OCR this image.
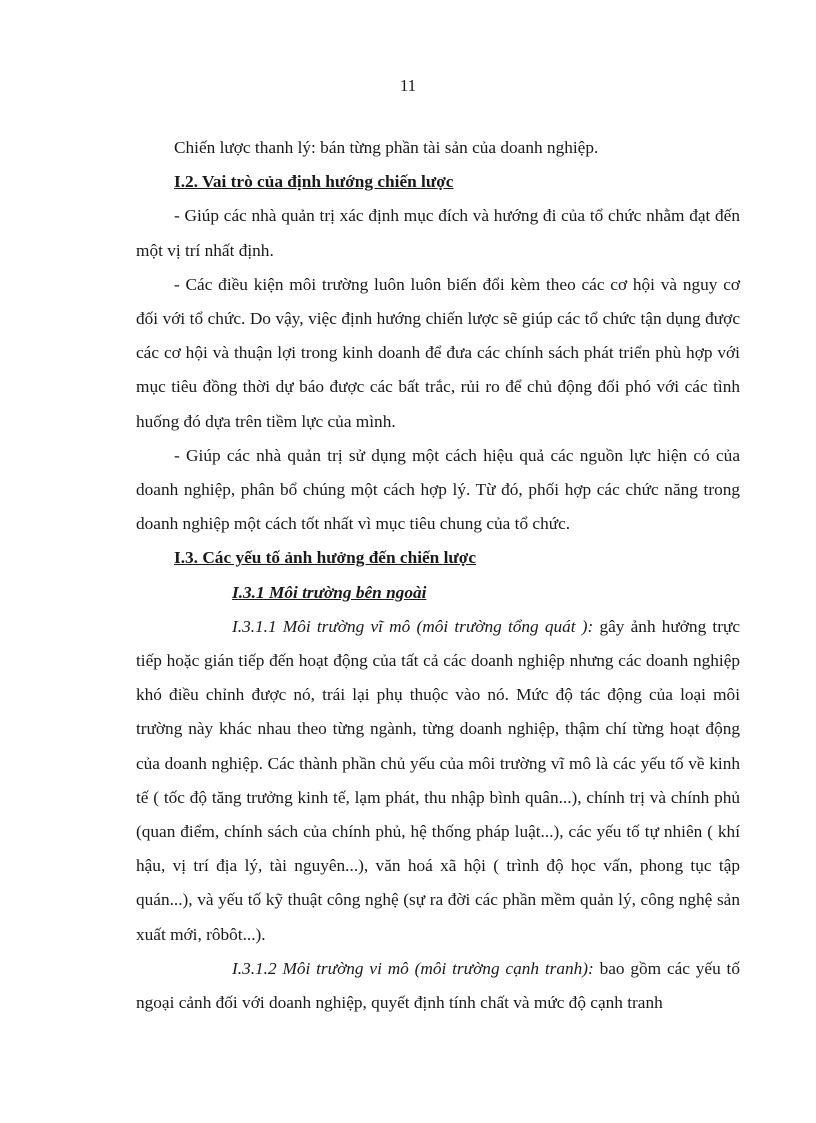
11

Chiến lược thanh lý: bán từng phần tài sản của doanh nghiệp.

I.2. Vai trò của định hướng chiến lược

- Giúp các nhà quản trị xác định mục đích và hướng đi của tổ chức nhằm đạt đến một vị trí nhất định.

- Các điều kiện môi trường luôn luôn biến đổi kèm theo các cơ hội và nguy cơ đối với tổ chức. Do vậy, việc định hướng chiến lược sẽ giúp các tổ chức tận dụng được các cơ hội và thuận lợi trong kinh doanh để đưa các chính sách phát triển phù hợp với mục tiêu đồng thời dự báo được các bất trắc, rủi ro để chủ động đối phó với các tình huống đó dựa trên tiềm lực của mình.

- Giúp các nhà quản trị sử dụng một cách hiệu quả các nguồn lực hiện có của doanh nghiệp, phân bổ chúng một cách hợp lý. Từ đó, phối hợp các chức năng trong doanh nghiệp một cách tốt nhất vì mục tiêu chung của tổ chức.

I.3. Các yếu tố ảnh hưởng đến chiến lược

I.3.1 Môi trường bên ngoài

I.3.1.1 Môi trường vĩ mô (môi trường tổng quát ): gây ảnh hưởng trực tiếp hoặc gián tiếp đến hoạt động của tất cả các doanh nghiệp nhưng các doanh nghiệp khó điều chỉnh được nó, trái lại phụ thuộc vào nó. Mức độ tác động của loại môi trường này khác nhau theo từng ngành, từng doanh nghiệp, thậm chí từng hoạt động của doanh nghiệp. Các thành phần chủ yếu của môi trường vĩ mô là các yếu tố về kinh tế ( tốc độ tăng trưởng kinh tế, lạm phát, thu nhập bình quân...), chính trị và chính phủ (quan điểm, chính sách của chính phủ, hệ thống pháp luật...), các yếu tố tự nhiên ( khí hậu, vị trí địa lý, tài nguyên...), văn hoá xã hội ( trình độ học vấn, phong tục tập quán...), và yếu tố kỹ thuật công nghệ (sự ra đời các phần mềm quản lý, công nghệ sản xuất mới, rôbôt...).

I.3.1.2 Môi trường vi mô (môi trường cạnh tranh): bao gồm các yếu tố ngoại cảnh đối với doanh nghiệp, quyết định tính chất và mức độ cạnh tranh
